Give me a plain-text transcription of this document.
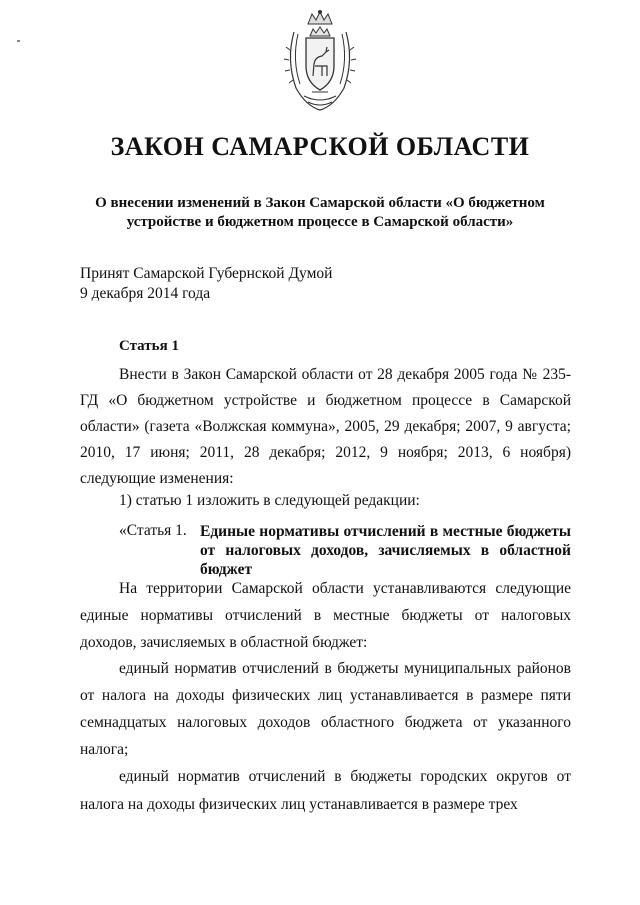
ЗАКОН САМАРСКОЙ ОБЛАСТИ

О внесении изменений в Закон Самарской области «О бюджетном устройстве и бюджетном процессе в Самарской области»

Принят Самарской Губернской Думой
9 декабря 2014 года

Статья 1

Внести в Закон Самарской области от 28 декабря 2005 года № 235-ГД «О бюджетном устройстве и бюджетном процессе в Самарской области» (газета «Волжская коммуна», 2005, 29 декабря; 2007, 9 августа; 2010, 17 июня; 2011, 28 декабря; 2012, 9 ноября; 2013, 6 ноября) следующие изменения:

1) статью 1 изложить в следующей редакции:

«Статья 1. Единые нормативы отчислений в местные бюджеты от налоговых доходов, зачисляемых в областной бюджет

На территории Самарской области устанавливаются следующие единые нормативы отчислений в местные бюджеты от налоговых доходов, зачисляемых в областной бюджет:

единый норматив отчислений в бюджеты муниципальных районов от налога на доходы физических лиц устанавливается в размере пяти семнадцатых налоговых доходов областного бюджета от указанного налога;

единый норматив отчислений в бюджеты городских округов от налога на доходы физических лиц устанавливается в размере трех
